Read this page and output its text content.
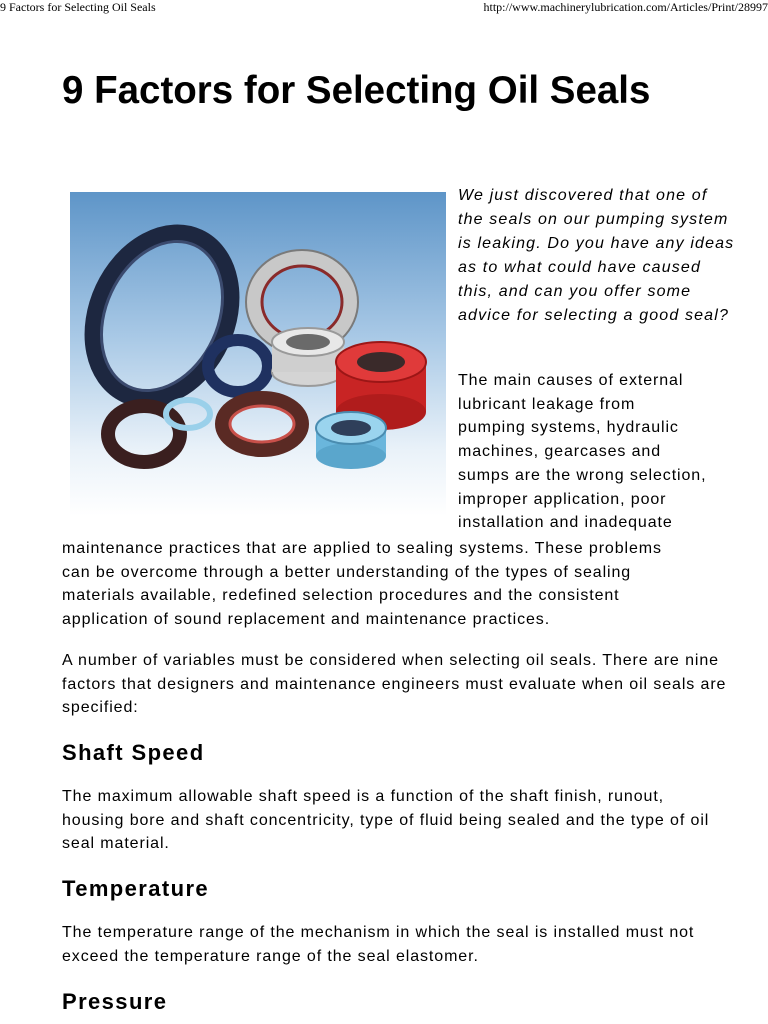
9 Factors for Selecting Oil Seals	http://www.machinerylubrication.com/Articles/Print/28997
9 Factors for Selecting Oil Seals

We just discovered that one of the seals on our pumping system is leaking. Do you have any ideas as to what could have caused this, and can you offer some advice for selecting a good seal?

The main causes of external
lubricant leakage from
pumping systems, hydraulic
machines, gearcases and
sumps are the wrong selection,
improper application, poor
installation and inadequate
maintenance practices that are applied to sealing systems. These problems
can be overcome through a better understanding of the types of sealing
materials available, redefined selection procedures and the consistent
application of sound replacement and maintenance practices.

A number of variables must be considered when selecting oil seals. There are nine factors that designers and maintenance engineers must evaluate when oil seals are specified:

Shaft Speed

The maximum allowable shaft speed is a function of the shaft finish, runout, housing bore and shaft concentricity, type of fluid being sealed and the type of oil seal material.

Temperature

The temperature range of the mechanism in which the seal is installed must not exceed the temperature range of the seal elastomer.

Pressure
